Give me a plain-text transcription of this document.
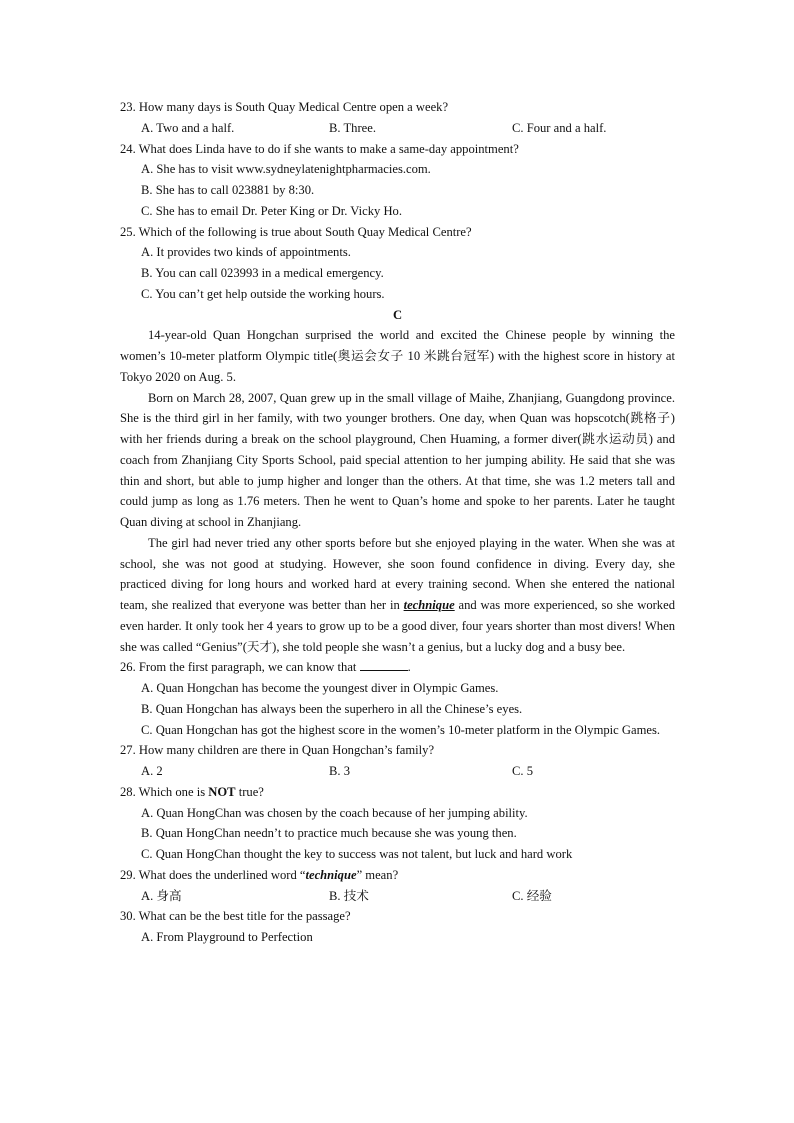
23. How many days is South Quay Medical Centre open a week?
A. Two and a half.	B. Three.	C. Four and a half.
24. What does Linda have to do if she wants to make a same-day appointment?
A. She has to visit www.sydneylatenightpharmacies.com.
B. She has to call 023881 by 8:30.
C. She has to email Dr. Peter King or Dr. Vicky Ho.
25. Which of the following is true about South Quay Medical Centre?
A. It provides two kinds of appointments.
B. You can call 023993 in a medical emergency.
C. You can’t get help outside the working hours.
C
14-year-old Quan Hongchan surprised the world and excited the Chinese people by winning the women’s 10-meter platform Olympic title(奥运会女子 10 米跳台冠军) with the highest score in history at Tokyo 2020 on Aug. 5.
Born on March 28, 2007, Quan grew up in the small village of Maihe, Zhanjiang, Guangdong province. She is the third girl in her family, with two younger brothers. One day, when Quan was hopscotch(跳格子) with her friends during a break on the school playground, Chen Huaming, a former diver(跳水运动员) and coach from Zhanjiang City Sports School, paid special attention to her jumping ability. He said that she was thin and short, but able to jump higher and longer than the others. At that time, she was 1.2 meters tall and could jump as long as 1.76 meters. Then he went to Quan’s home and spoke to her parents. Later he taught Quan diving at school in Zhanjiang.
The girl had never tried any other sports before but she enjoyed playing in the water. When she was at school, she was not good at studying. However, she soon found confidence in diving. Every day, she practiced diving for long hours and worked hard at every training second. When she entered the national team, she realized that everyone was better than her in technique and was more experienced, so she worked even harder. It only took her 4 years to grow up to be a good diver, four years shorter than most divers! When she was called “Genius”(天才), she told people she wasn’t a genius, but a lucky dog and a busy bee.
26. From the first paragraph, we can know that	.
A. Quan Hongchan has become the youngest diver in Olympic Games.
B. Quan Hongchan has always been the superhero in all the Chinese’s eyes.
C. Quan Hongchan has got the highest score in the women’s 10-meter platform in the Olympic Games.
27. How many children are there in Quan Hongchan’s family?
A. 2	B. 3	C. 5
28. Which one is NOT true?
A. Quan HongChan was chosen by the coach because of her jumping ability.
B. Quan HongChan needn’t to practice much because she was young then.
C. Quan HongChan thought the key to success was not talent, but luck and hard work
29. What does the underlined word “technique” mean?
A. 身高	B. 技术	C. 经验
30. What can be the best title for the passage?
A. From Playground to Perfection
